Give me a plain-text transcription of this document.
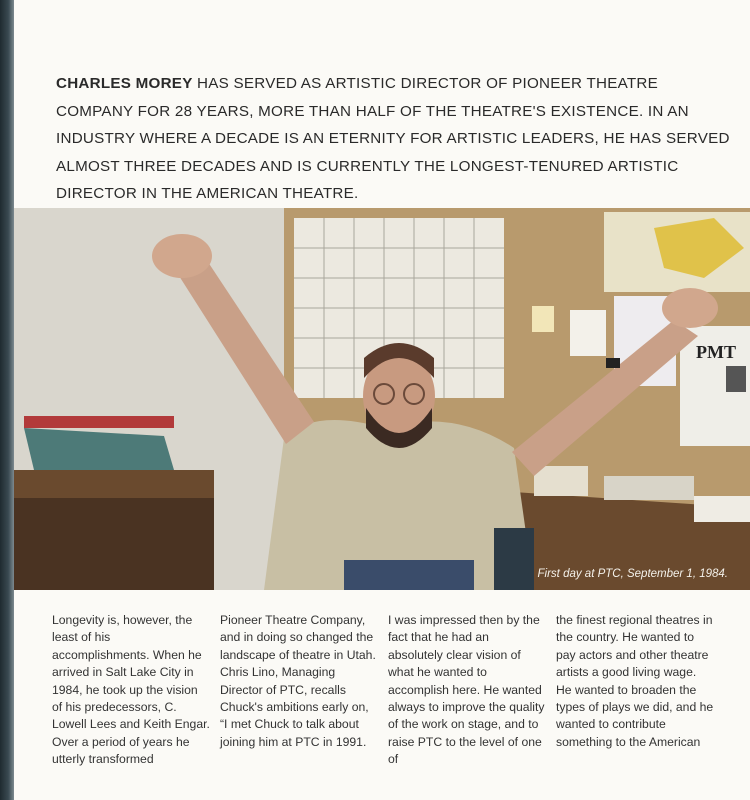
CHARLES MOREY HAS SERVED AS ARTISTIC DIRECTOR OF PIONEER THEATRE COMPANY FOR 28 YEARS, MORE THAN HALF OF THE THEATRE'S EXISTENCE. IN AN INDUSTRY WHERE A DECADE IS AN ETERNITY FOR ARTISTIC LEADERS, HE HAS SERVED ALMOST THREE DECADES AND IS CURRENTLY THE LONGEST-TENURED ARTISTIC DIRECTOR IN THE AMERICAN THEATRE.
PMT
First day at PTC, September 1, 1984.

Longevity is, however, the least of his accomplishments. When he arrived in Salt Lake City in 1984, he took up the vision of his predecessors, C. Lowell Lees and Keith Engar. Over a period of years he utterly transformed

Pioneer Theatre Company, and in doing so changed the landscape of theatre in Utah. Chris Lino, Managing Director of PTC, recalls Chuck's ambitions early on, “I met Chuck to talk about joining him at PTC in 1991.

I was impressed then by the fact that he had an absolutely clear vision of what he wanted to accomplish here. He wanted always to improve the quality of the work on stage, and to raise PTC to the level of one of

the finest regional theatres in the country. He wanted to pay actors and other theatre artists a good living wage. He wanted to broaden the types of plays we did, and he wanted to contribute something to the American
